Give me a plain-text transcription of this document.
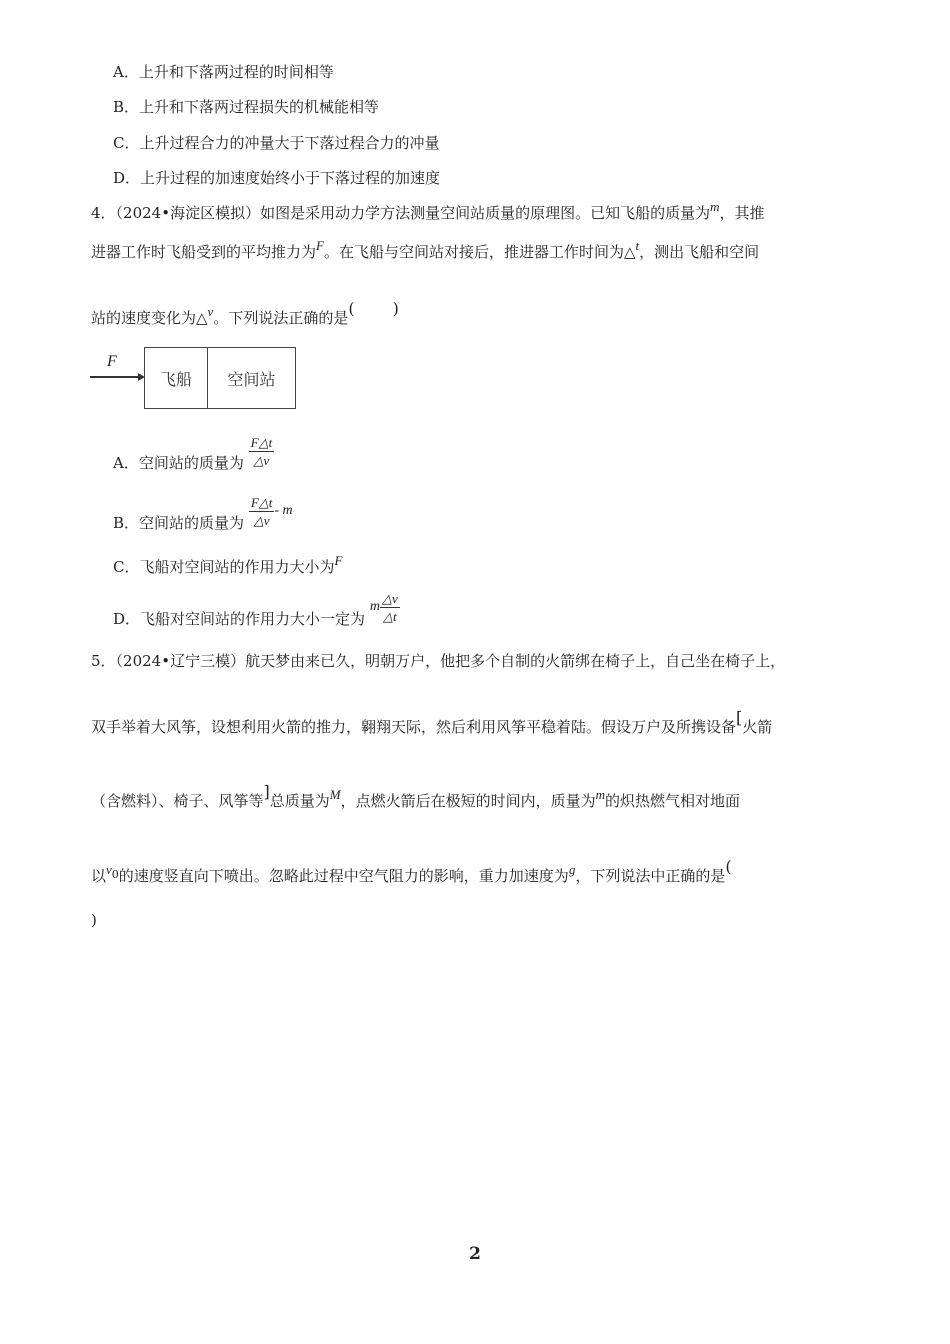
A．上升和下落两过程的时间相等
B．上升和下落两过程损失的机械能相等
C．上升过程合力的冲量大于下落过程合力的冲量
D．上升过程的加速度始终小于下落过程的加速度
4．（2024•海淀区模拟）如图是采用动力学方法测量空间站质量的原理图。已知飞船的质量为m，其推
进器工作时飞船受到的平均推力为F。在飞船与空间站对接后，推进器工作时间为△t，测出飞船和空间
站的速度变化为△v。下列说法正确的是( )
F
飞船 空间站
A．空间站的质量为 $\frac{F\triangle t}{\triangle v}$
B．空间站的质量为 $\frac{F\triangle t}{\triangle v}$ - m
C．飞船对空间站的作用力大小为F
D．飞船对空间站的作用力大小一定为 m $\frac{\triangle v}{\triangle t}$
5．（2024•辽宁三模）航天梦由来已久，明朝万户，他把多个自制的火箭绑在椅子上，自己坐在椅子上，
双手举着大风筝，设想利用火箭的推力，翱翔天际，然后利用风筝平稳着陆。假设万户及所携设备[火箭
（含燃料）、椅子、风筝等]总质量为M，点燃火箭后在极短的时间内，质量为m的炽热燃气相对地面
以$v^0$的速度竖直向下喷出。忽略此过程中空气阻力的影响，重力加速度为g，下列说法中正确的是(
)
2
